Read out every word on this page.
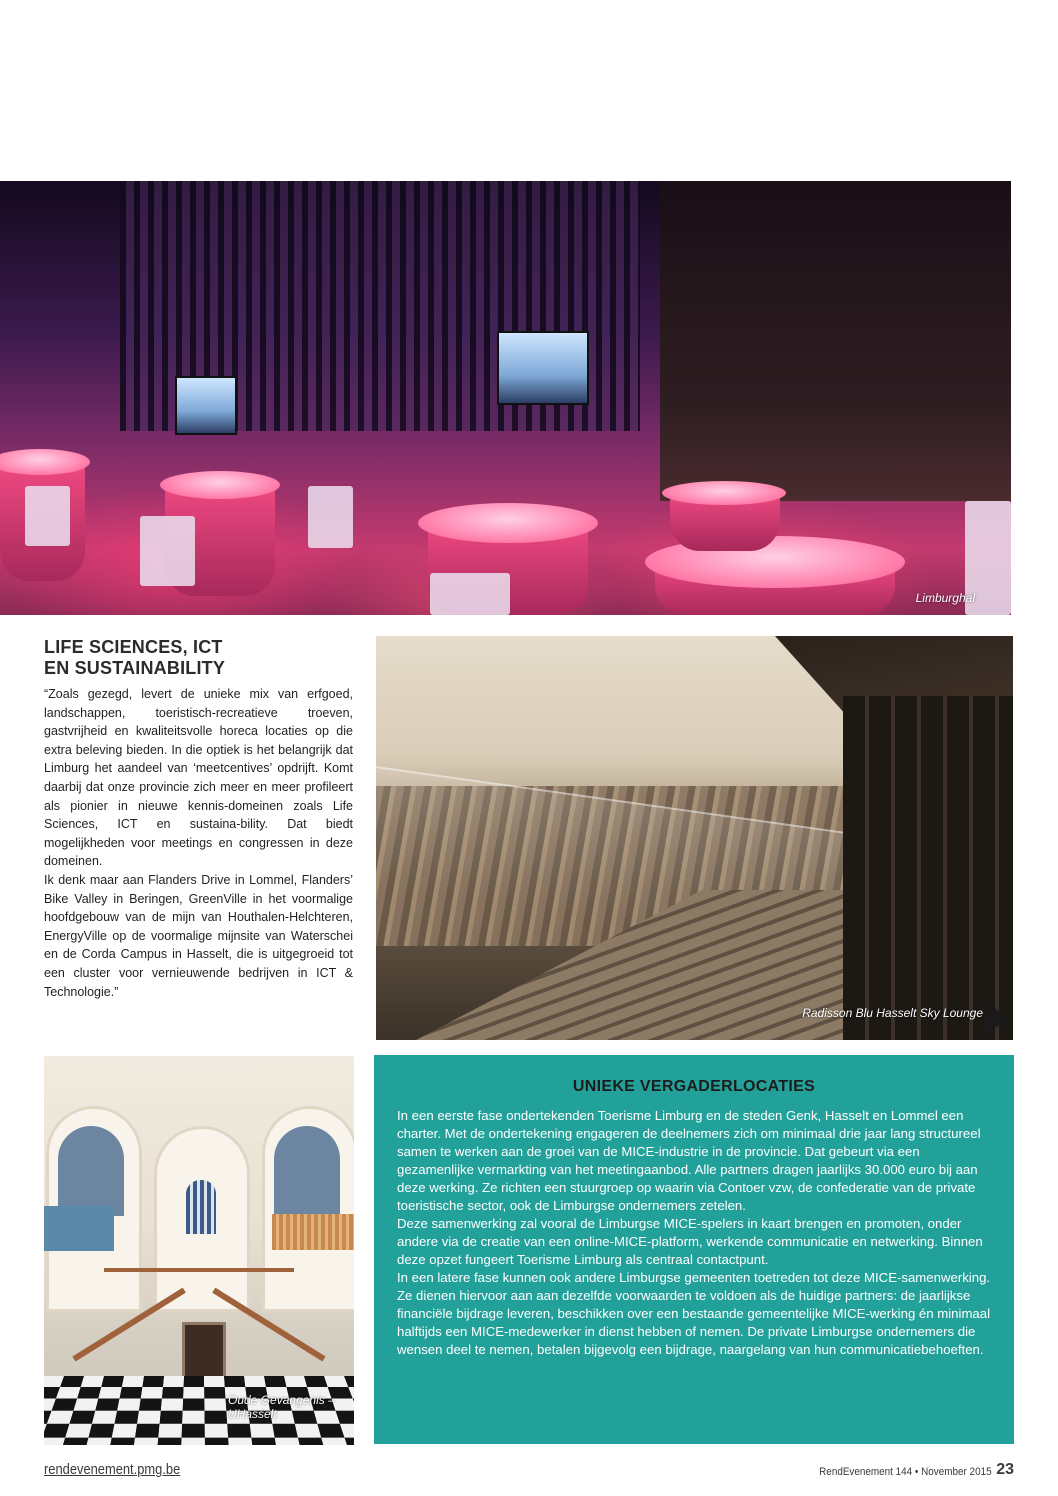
Limburghal
LIFE SCIENCES, ICT
EN SUSTAINABILITY

“Zoals gezegd, levert de unieke mix van erfgoed, landschappen, toeristisch-recreatieve troeven, gastvrijheid en kwaliteitsvolle horeca locaties op die extra beleving bieden. In die optiek is het belangrijk dat Limburg het aandeel van ‘meetcentives’ opdrijft. Komt daarbij dat onze provincie zich meer en meer profileert als pionier in nieuwe kennis-domeinen zoals Life Sciences, ICT en sustaina-bility. Dat biedt mogelijkheden voor meetings en congressen in deze domeinen.

Ik denk maar aan Flanders Drive in Lommel, Flanders’ Bike Valley in Beringen, GreenVille in het voormalige hoofdgebouw van de mijn van Houthalen-Helchteren, EnergyVille op de voormalige mijnsite van Waterschei en de Corda Campus in Hasselt, die is uitgegroeid tot een cluster voor vernieuwende bedrijven in ICT & Technologie.”

Radisson Blu Hasselt Sky Lounge
Oude Gevangenis –
UHasselt
UNIEKE VERGADERLOCATIES

In een eerste fase ondertekenden Toerisme Limburg en de steden Genk, Hasselt en Lommel een charter. Met de ondertekening engageren de deelnemers zich om minimaal drie jaar lang structureel samen te werken aan de groei van de MICE-industrie in de provincie. Dat gebeurt via een gezamenlijke vermarkting van het meetingaanbod. Alle partners dragen jaarlijks 30.000 euro bij aan deze werking. Ze richten een stuurgroep op waarin via Contoer vzw, de confederatie van de private toeristische sector, ook de Limburgse ondernemers zetelen.

Deze samenwerking zal vooral de Limburgse MICE-spelers in kaart brengen en promoten, onder andere via de creatie van een online-MICE-platform, werkende communicatie en netwerking. Binnen deze opzet fungeert Toerisme Limburg als centraal contactpunt.

In een latere fase kunnen ook andere Limburgse gemeenten toetreden tot deze MICE-samenwerking. Ze dienen hiervoor aan aan dezelfde voorwaarden te voldoen als de huidige partners: de jaarlijkse financiële bijdrage leveren, beschikken over een bestaande gemeentelijke MICE-werking én minimaal halftijds een MICE-medewerker in dienst hebben of nemen. De private Limburgse ondernemers die wensen deel te nemen, betalen bijgevolg een bijdrage, naargelang van hun communicatiebehoeften.

rendevenement.pmg.be	RendEvenement 144 • November 2015 23
